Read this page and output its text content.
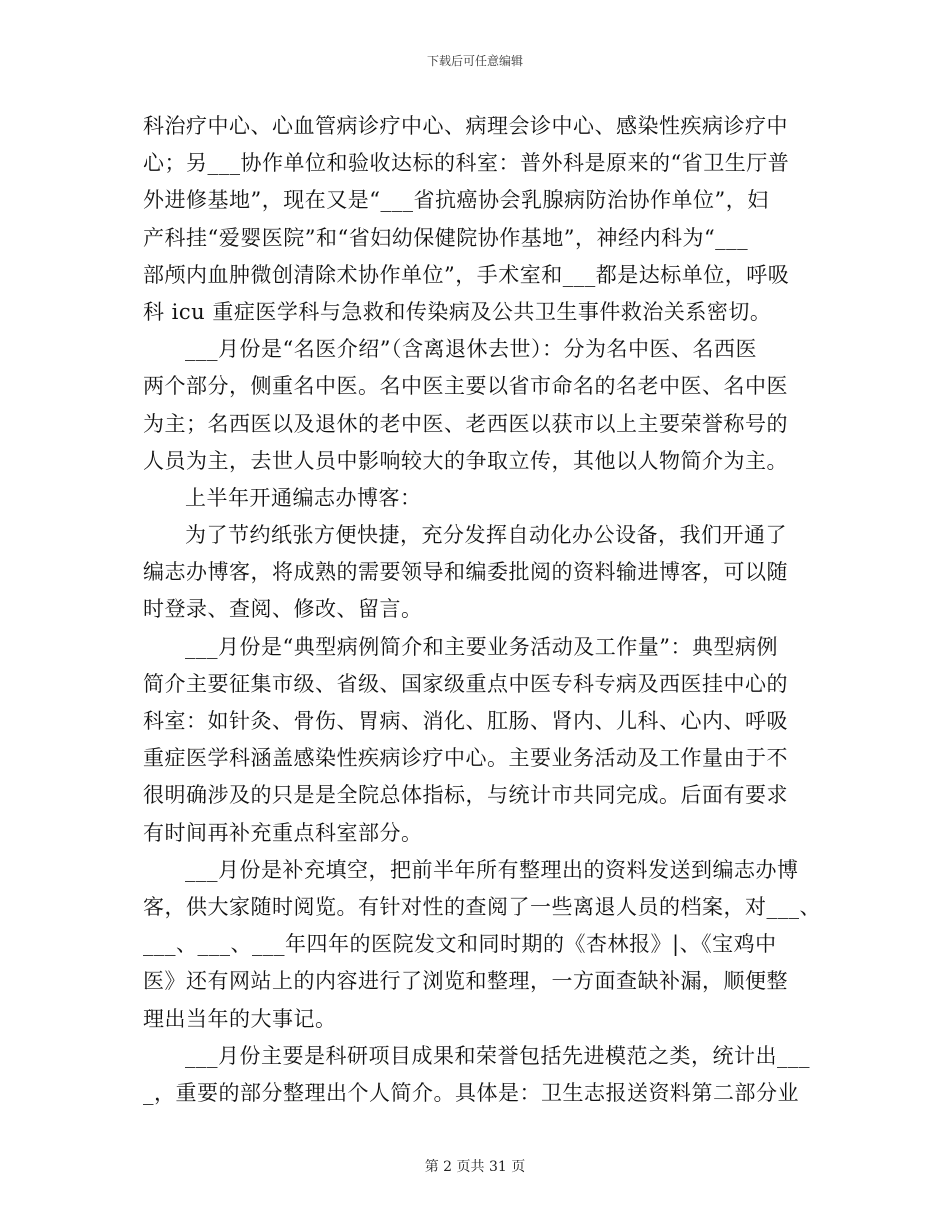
下载后可任意编辑
科治疗中心、心血管病诊疗中心、病理会诊中心、感染性疾病诊疗中
心；另___协作单位和验收达标的科室：普外科是原来的“省卫生厅普
外进修基地”，现在又是“___省抗癌协会乳腺病防治协作单位”，妇
产科挂“爱婴医院”和“省妇幼保健院协作基地”，神经内科为“___
部颅内血肿微创清除术协作单位”，手术室和___都是达标单位，呼吸
科 icu 重症医学科与急救和传染病及公共卫生事件救治关系密切。
___月份是“名医介绍”（含离退休去世）：分为名中医、名西医
两个部分，侧重名中医。名中医主要以省市命名的名老中医、名中医
为主；名西医以及退休的老中医、老西医以获市以上主要荣誉称号的
人员为主，去世人员中影响较大的争取立传，其他以人物简介为主。
上半年开通编志办博客：
为了节约纸张方便快捷，充分发挥自动化办公设备，我们开通了
编志办博客，将成熟的需要领导和编委批阅的资料输进博客，可以随
时登录、查阅、修改、留言。
___月份是“典型病例简介和主要业务活动及工作量”：典型病例
简介主要征集市级、省级、国家级重点中医专科专病及西医挂中心的
科室：如针灸、骨伤、胃病、消化、肛肠、肾内、儿科、心内、呼吸
重症医学科涵盖感染性疾病诊疗中心。主要业务活动及工作量由于不
很明确涉及的只是是全院总体指标，与统计市共同完成。后面有要求
有时间再补充重点科室部分。
___月份是补充填空，把前半年所有整理出的资料发送到编志办博
客，供大家随时阅览。有针对性的查阅了一些离退人员的档案，对___、
___、___、___年四年的医院发文和同时期的《杏林报》|、《宝鸡中
医》还有网站上的内容进行了浏览和整理，一方面查缺补漏，顺便整
理出当年的大事记。
___月份主要是科研项目成果和荣誉包括先进模范之类，统计出___
_，重要的部分整理出个人简介。具体是：卫生志报送资料第二部分业
第 2 页共 31 页
